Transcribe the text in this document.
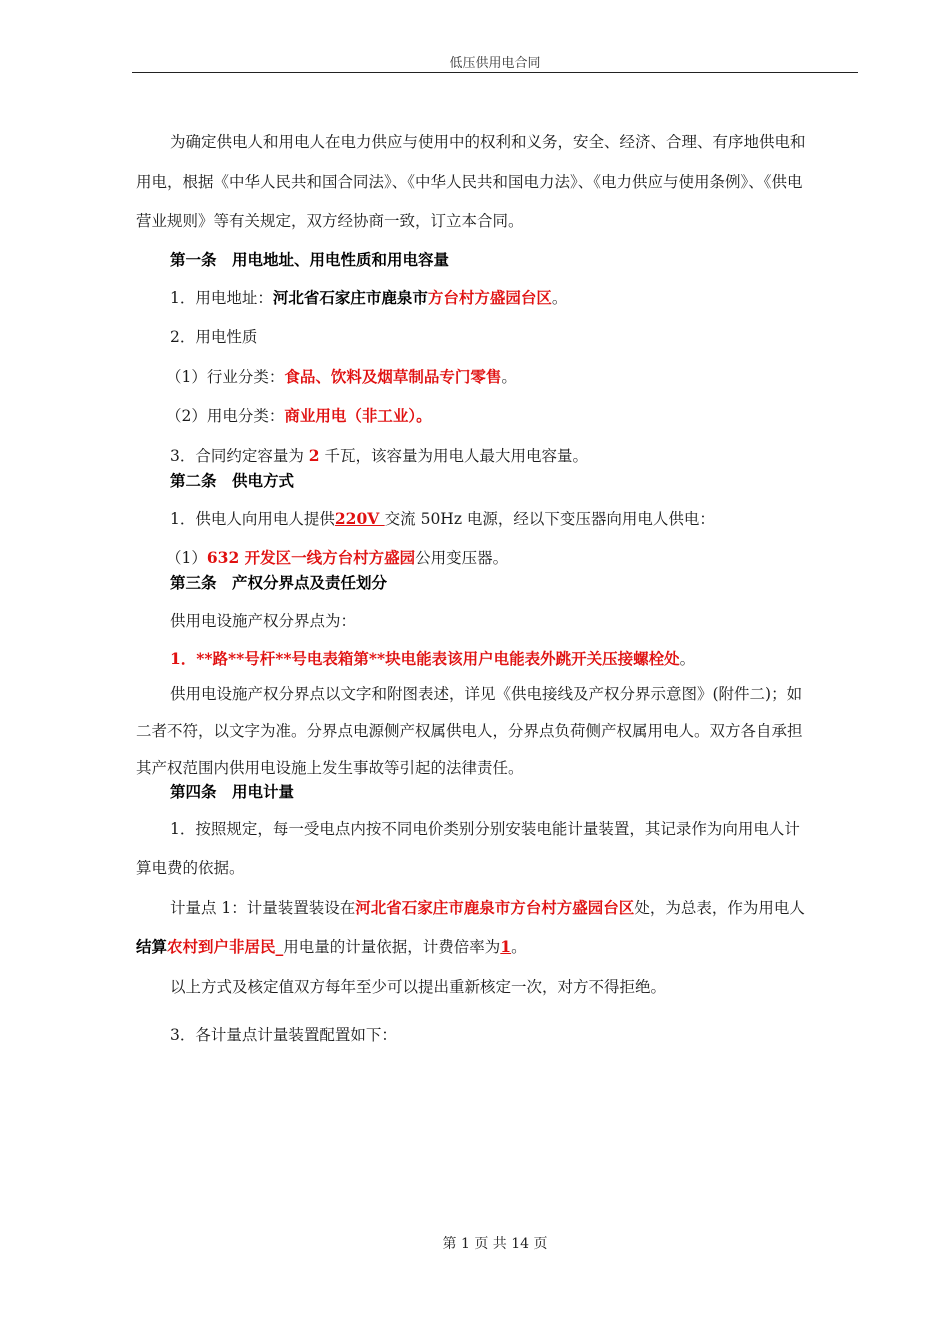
低压供用电合同
为确定供电人和用电人在电力供应与使用中的权利和义务，安全、经济、合理、有序地供电和
用电，根据《中华人民共和国合同法》、《中华人民共和国电力法》、《电力供应与使用条例》、《供电
营业规则》等有关规定，双方经协商一致，订立本合同。
第一条　用电地址、用电性质和用电容量
1．用电地址：河北省石家庄市鹿泉市方台村方盛园台区。
2．用电性质
（1）行业分类：食品、饮料及烟草制品专门零售。
（2）用电分类：商业用电（非工业）。
3．合同约定容量为 2 千瓦，该容量为用电人最大用电容量。
第二条　供电方式
1．供电人向用电人提供220V 交流 50Hz 电源，经以下变压器向用电人供电：
（1）632 开发区一线方台村方盛园公用变压器。
第三条　产权分界点及责任划分
供用电设施产权分界点为：
1．**路**号杆**号电表箱第**块电能表该用户电能表外跳开关压接螺栓处。
供用电设施产权分界点以文字和附图表述，详见《供电接线及产权分界示意图》(附件二)；如
二者不符，以文字为准。分界点电源侧产权属供电人，分界点负荷侧产权属用电人。双方各自承担
其产权范围内供用电设施上发生事故等引起的法律责任。
第四条　用电计量
1．按照规定，每一受电点内按不同电价类别分别安装电能计量装置，其记录作为向用电人计
算电费的依据。
计量点 1：计量装置装设在河北省石家庄市鹿泉市方台村方盛园台区处，为总表，作为用电人
结算农村到户非居民_用电量的计量依据，计费倍率为1。
以上方式及核定值双方每年至少可以提出重新核定一次，对方不得拒绝。
3．各计量点计量装置配置如下：
第 1 页 共 14 页
